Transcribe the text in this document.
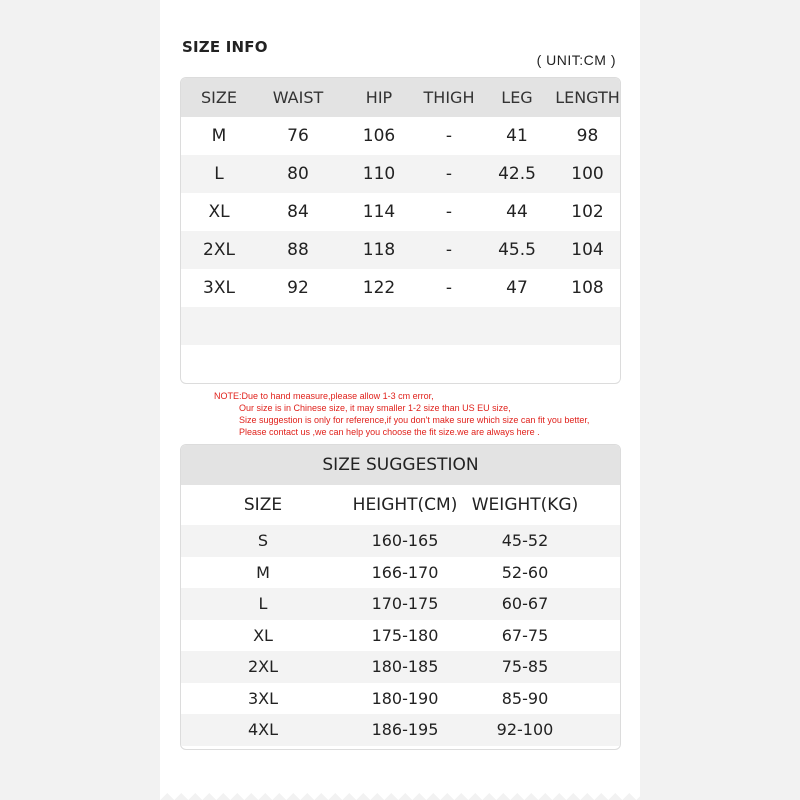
SIZE INFO
( UNIT:CM )
SIZE	WAIST	HIP	THIGH	LEG	LENGTH
M	76	106	-	41	98
L	80	110	-	42.5	100
XL	84	114	-	44	102
2XL	88	118	-	45.5	104
3XL	92	122	-	47	108
NOTE:Due to hand measure,please allow 1-3 cm error,
Our size is in Chinese size, it may smaller 1-2 size than US EU size,
Size suggestion is only for reference,if you don't make sure which size can fit you better,
Please contact us ,we can help you choose the fit size.we are always here .
SIZE SUGGESTION
SIZE	HEIGHT(CM) WEIGHT(KG)
S	160-165	45-52
M	166-170	52-60
L	170-175	60-67
XL	175-180	67-75
2XL	180-185	75-85
3XL	180-190	85-90
4XL	186-195	92-100
